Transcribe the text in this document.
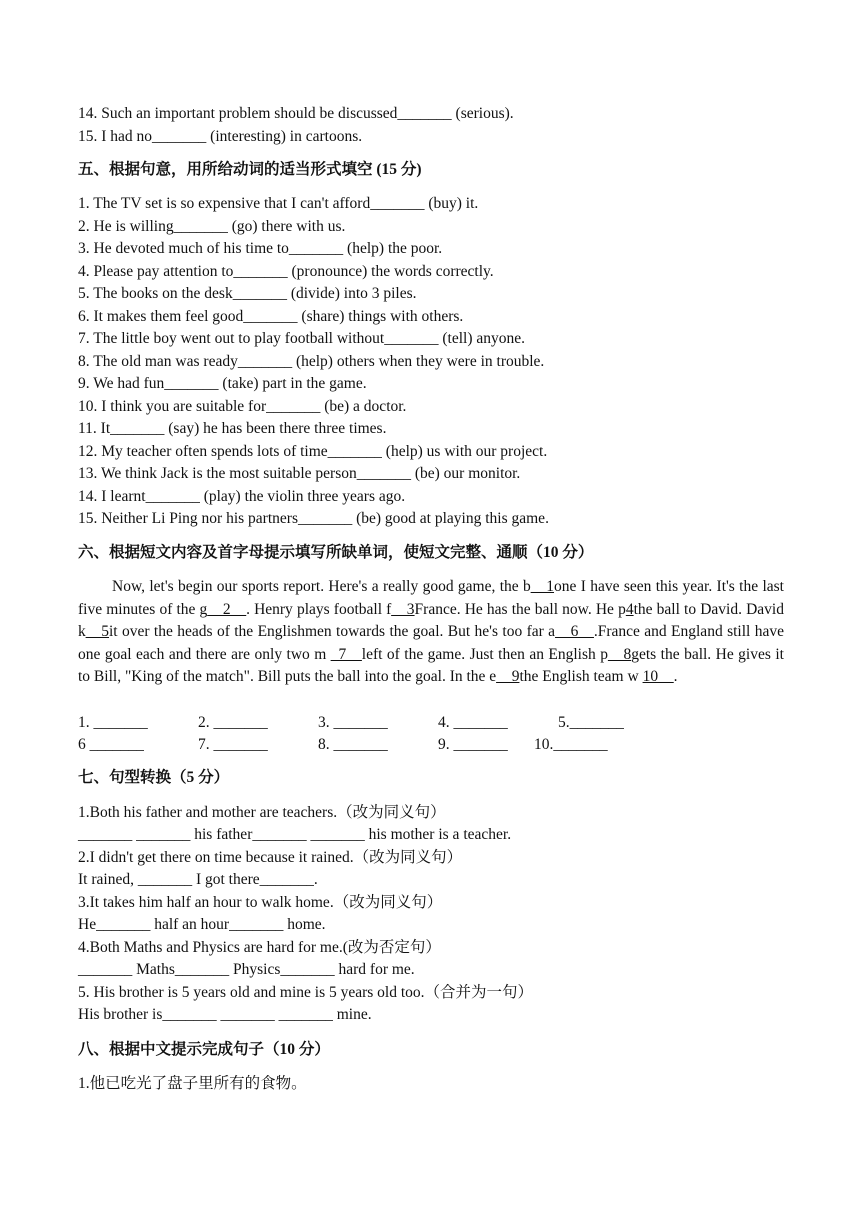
14. Such an important problem should be discussed_______ (serious).
15. I had no_______ (interesting) in cartoons.
五、根据句意，用所给动词的适当形式填空 (15 分)
1. The TV set is so expensive that I can't afford_______ (buy) it.
2. He is willing_______ (go) there with us.
3. He devoted much of his time to_______ (help) the poor.
4. Please pay attention to_______ (pronounce) the words correctly.
5. The books on the desk_______ (divide) into 3 piles.
6. It makes them feel good_______ (share) things with others.
7. The little boy went out to play football without_______ (tell) anyone.
8. The old man was ready_______ (help) others when they were in trouble.
9. We had fun_______ (take) part in the game.
10. I think you are suitable for_______ (be) a doctor.
11. It_______ (say) he has been there three times.
12. My teacher often spends lots of time_______ (help) us with our project.
13. We think Jack is the most suitable person_______ (be) our monitor.
14. I learnt_______ (play) the violin three years ago.
15. Neither Li Ping nor his partners_______ (be) good at playing this game.
六、根据短文内容及首字母提示填写所缺单词，使短文完整、通顺（10 分）
Now, let's begin our sports report. Here's a really good game, the b__1one I have seen this year. It's the last five minutes of the g__2__. Henry plays football f__3France. He has the ball now. He p4the ball to David. David k__5it over the heads of the Englishmen towards the goal. But he's too far a__6__.France and England still have one goal each and there are only two m _7__left of the game. Just then an English p__8gets the ball. He gives it to Bill, "King of the match". Bill puts the ball into the goal. In the e__9the English team w 10__.
1. _______	2. _______	3. _______	4. _______	5._______
6 _______	7. _______	8. _______	9. _______ 10._______
七、句型转换（5 分）
1.Both his father and mother are teachers.（改为同义句）
_______ _______ his father_______ _______ his mother is a teacher.
2.I didn't get there on time because it rained.（改为同义句）
It rained, _______ I got there_______.
3.It takes him half an hour to walk home.（改为同义句）
He_______ half an hour_______ home.
4.Both Maths and Physics are hard for me.(改为否定句）
_______ Maths_______ Physics_______ hard for me.
5. His brother is 5 years old and mine is 5 years old too.（合并为一句）
His brother is_______ _______ _______ mine.
八、根据中文提示完成句子（10 分）
1.他已吃光了盘子里所有的食物。
